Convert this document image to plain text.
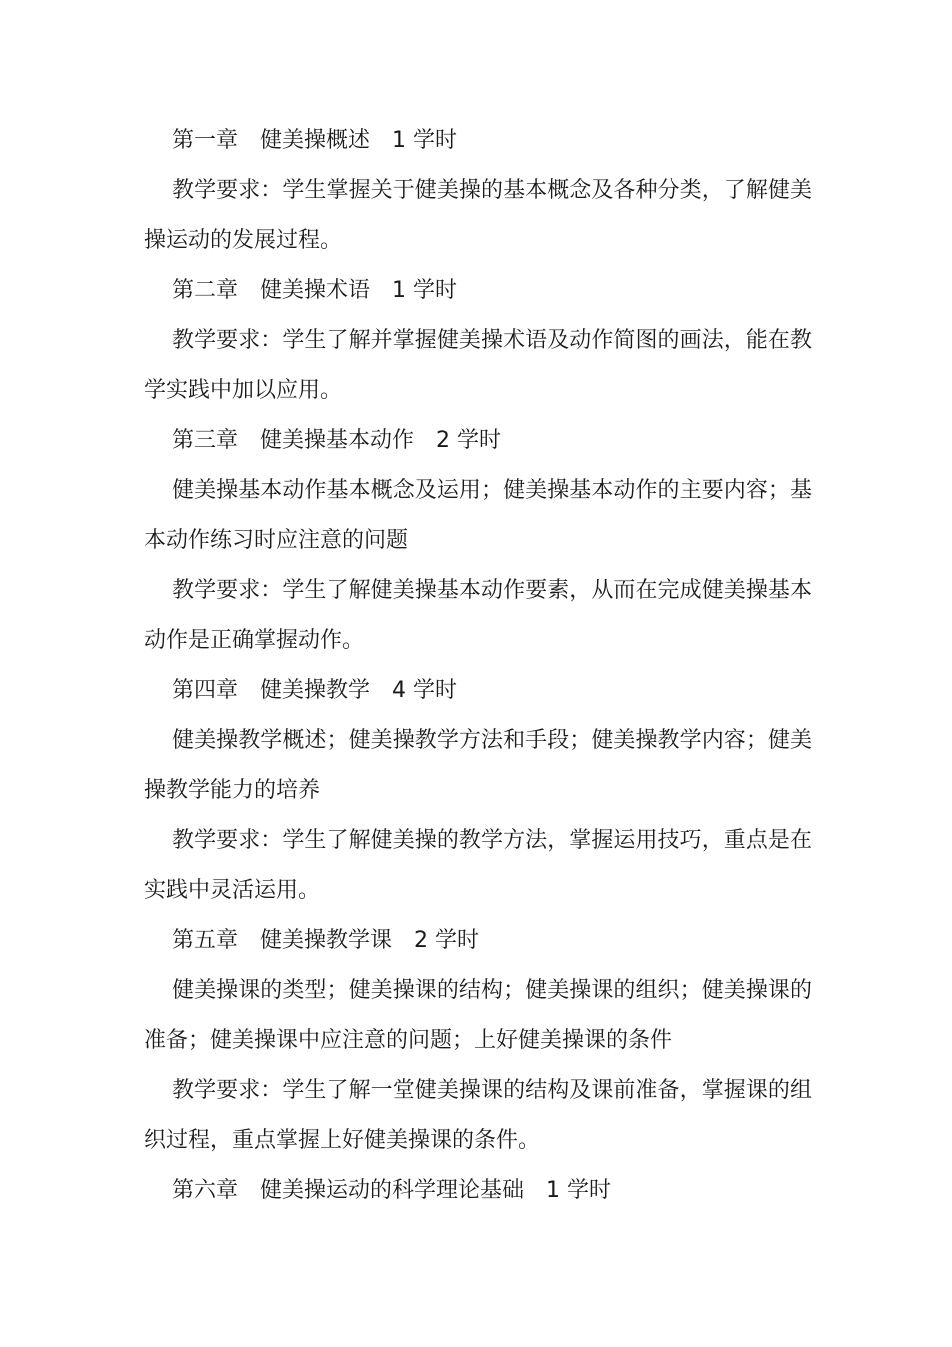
第一章　健美操概述　1 学时

教学要求：学生掌握关于健美操的基本概念及各种分类，了解健美操运动的发展过程。

第二章　健美操术语　1 学时

教学要求：学生了解并掌握健美操术语及动作简图的画法，能在教学实践中加以应用。

第三章　健美操基本动作　2 学时

健美操基本动作基本概念及运用；健美操基本动作的主要内容；基本动作练习时应注意的问题

教学要求：学生了解健美操基本动作要素，从而在完成健美操基本动作是正确掌握动作。

第四章　健美操教学　4 学时

健美操教学概述；健美操教学方法和手段；健美操教学内容；健美操教学能力的培养

教学要求：学生了解健美操的教学方法，掌握运用技巧，重点是在实践中灵活运用。

第五章　健美操教学课　2 学时

健美操课的类型；健美操课的结构；健美操课的组织；健美操课的准备；健美操课中应注意的问题；上好健美操课的条件

教学要求：学生了解一堂健美操课的结构及课前准备，掌握课的组织过程，重点掌握上好健美操课的条件。

第六章　健美操运动的科学理论基础　1 学时
